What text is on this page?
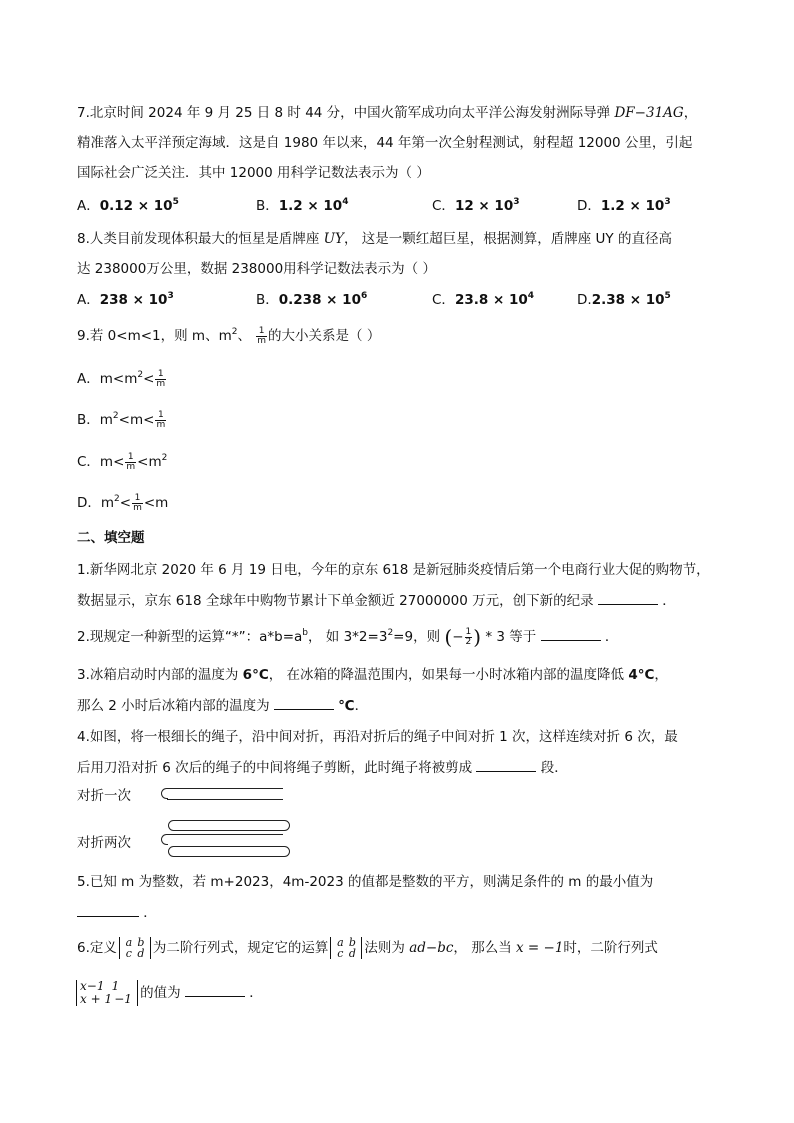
7.北京时间 2024 年 9 月 25 日 8 时 44 分，中国火箭军成功向太平洋公海发射洲际导弹 DF−31AG，
精准落入太平洋预定海域．这是自 1980 年以来，44 年第一次全射程测试，射程超 12000 公里，引起
国际社会广泛关注．其中 12000 用科学记数法表示为（ ）
A．$0.12 \times 10^5$	B．$1.2 \times 10^4$	C．$12 \times 10^3$	D．$1.2 \times 10^3$
8.人类目前发现体积最大的恒星是盾牌座 UY， 这是一颗红超巨星，根据测算，盾牌座 UY 的直径高
达 238000万公里，数据 238000用科学记数法表示为（ ）
A．$238 \times 10^3$	B．$0.238 \times 10^6$	C．$23.8 \times 10^4$	$D.2.38 \times 10^5$
9.若 0<m<1，则 m、$m^2$、 $\frac{1}{m}$ 的大小关系是（ ）
A．$m<m^2< \frac{1}{m}$
B．$m^2<m< \frac{1}{m}$
C．$m< \frac{1}{m} <m^2$
D．$m^2< \frac{1}{m} <m$
二、填空题
1.新华网北京 2020 年 6 月 19 日电，今年的京东 618 是新冠肺炎疫情后第一个电商行业大促的购物节，
数据显示，京东 618 全球年中购物节累计下单金额近 27000000 万元，创下新的纪录	．
2.现规定一种新型的运算“*”：$a*b=a^b$， 如 $3*2=3^2=9$，则 (− $\frac{1}{2}$ ) * 3 等于	．
3.冰箱启动时内部的温度为 6°C， 在冰箱的降温范围内，如果每一小时冰箱内部的温度降低 4°C，
那么 2 小时后冰箱内部的温度为	℃．
4.如图，将一根细长的绳子，沿中间对折，再沿对折后的绳子中间对折 1 次，这样连续对折 6 次，最
后用刀沿对折 6 次后的绳子的中间将绳子剪断，此时绳子将被剪成	段．
对折一次
对折两次
5.已知 m 为整数，若 m+2023，4m-2023 的值都是整数的平方，则满足条件的 m 的最小值为
．
6.定义 a b
c d 为二阶行列式，规定它的运算 a b
c d 法则为 ad−bc， 那么当 x = −1时，二阶行列式
x−1 1
x + 1 −1 的值为	．
